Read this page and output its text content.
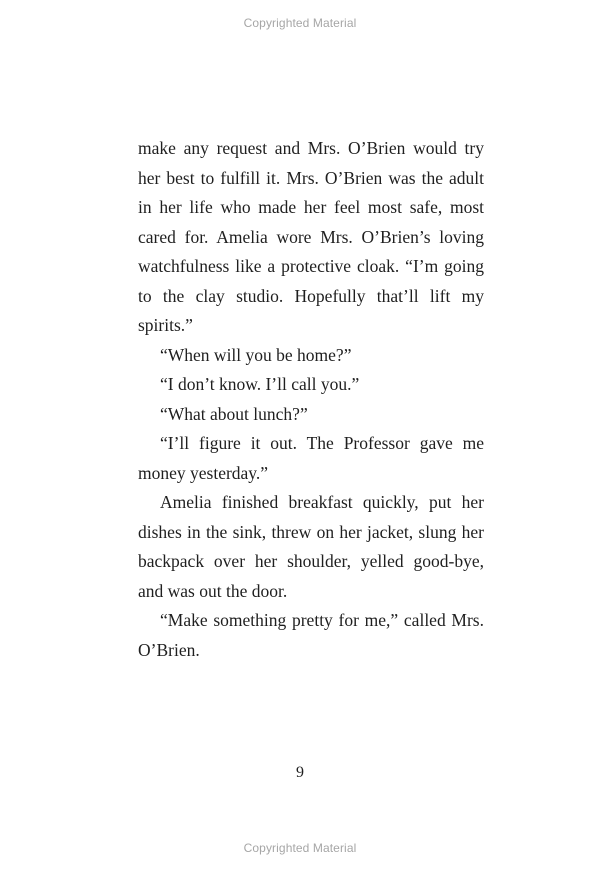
Copyrighted Material

make any request and Mrs. O’Brien would try her best to fulfill it. Mrs. O’Brien was the adult in her life who made her feel most safe, most cared for. Amelia wore Mrs. O’Brien’s loving watchfulness like a protective cloak. “I’m going to the clay studio. Hopefully that’ll lift my spirits.”

“When will you be home?”

“I don’t know. I’ll call you.”

“What about lunch?”

“I’ll figure it out. The Professor gave me money yesterday.”

Amelia finished breakfast quickly, put her dishes in the sink, threw on her jacket, slung her backpack over her shoulder, yelled good-bye, and was out the door.

“Make something pretty for me,” called Mrs. O’Brien.

9
Copyrighted Material
